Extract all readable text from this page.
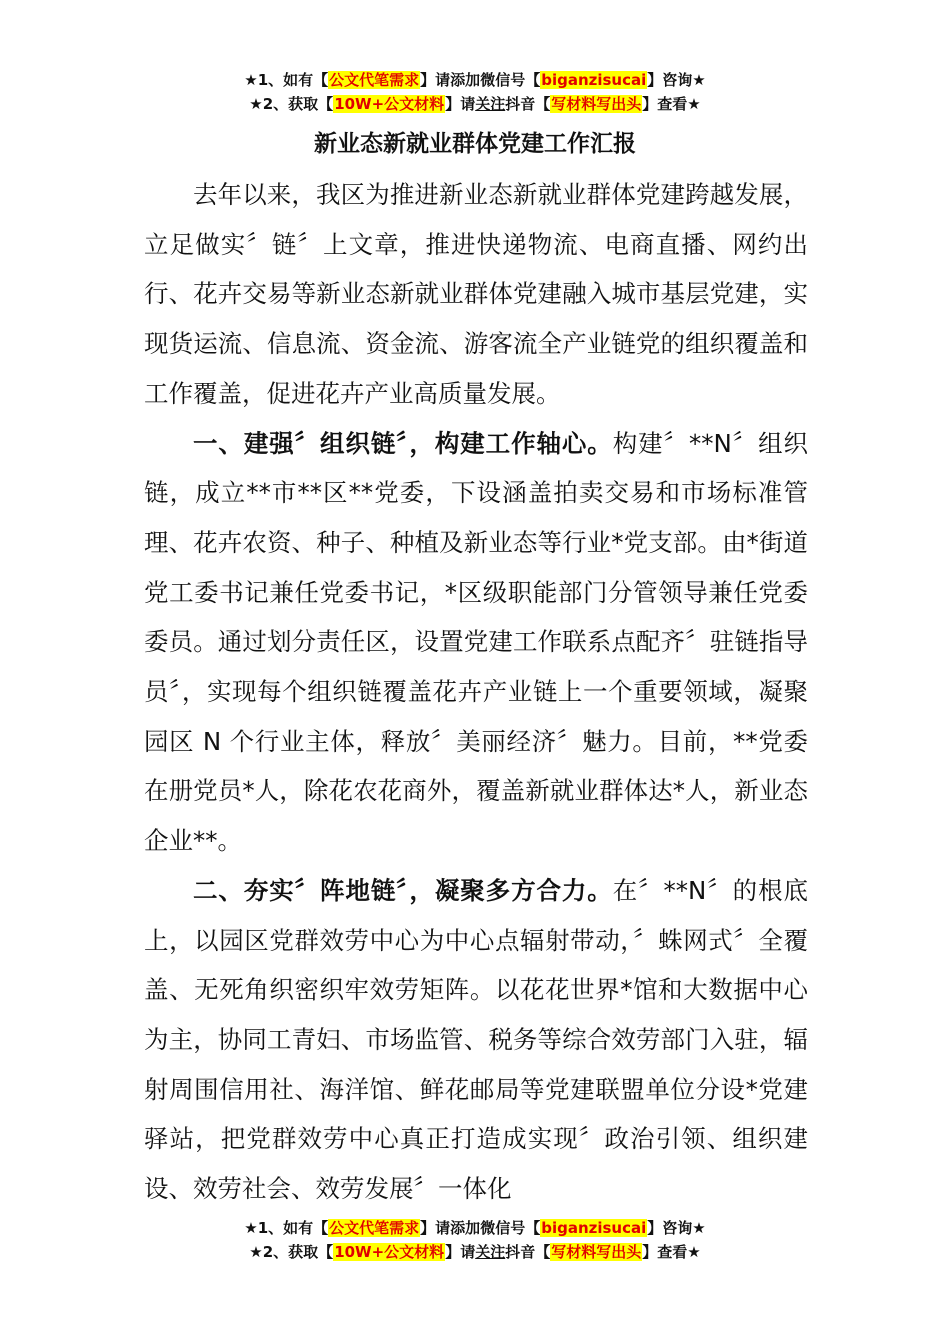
★1、如有【公文代笔需求】请添加微信号【biganzisucai】咨询★
★2、获取【10W+公文材料】请关注抖音【写材料写出头】查看★
新业态新就业群体党建工作汇报

去年以来，我区为推进新业态新就业群体党建跨越发展，立足做实〞链〞上文章，推进快递物流、电商直播、网约出行、花卉交易等新业态新就业群体党建融入城市基层党建，实现货运流、信息流、资金流、游客流全产业链党的组织覆盖和工作覆盖，促进花卉产业高质量发展。

一、建强〞组织链〞，构建工作轴心。构建〞**N〞组织链，成立**市**区**党委，下设涵盖拍卖交易和市场标准管理、花卉农资、种子、种植及新业态等行业*党支部。由*街道党工委书记兼任党委书记，*区级职能部门分管领导兼任党委委员。通过划分责任区，设置党建工作联系点配齐〞驻链指导员〞，实现每个组织链覆盖花卉产业链上一个重要领域，凝聚园区 N 个行业主体，释放〞美丽经济〞魅力。目前，**党委在册党员*人，除花农花商外，覆盖新就业群体达*人，新业态企业**。

二、夯实〞阵地链〞，凝聚多方合力。在〞**N〞的根底上，以园区党群效劳中心为中心点辐射带动，〞蛛网式〞全覆盖、无死角织密织牢效劳矩阵。以花花世界*馆和大数据中心为主，协同工青妇、市场监管、税务等综合效劳部门入驻，辐射周围信用社、海洋馆、鲜花邮局等党建联盟单位分设*党建驿站，把党群效劳中心真正打造成实现〞政治引领、组织建设、效劳社会、效劳发展〞一体化

★1、如有【公文代笔需求】请添加微信号【biganzisucai】咨询★
★2、获取【10W+公文材料】请关注抖音【写材料写出头】查看★
